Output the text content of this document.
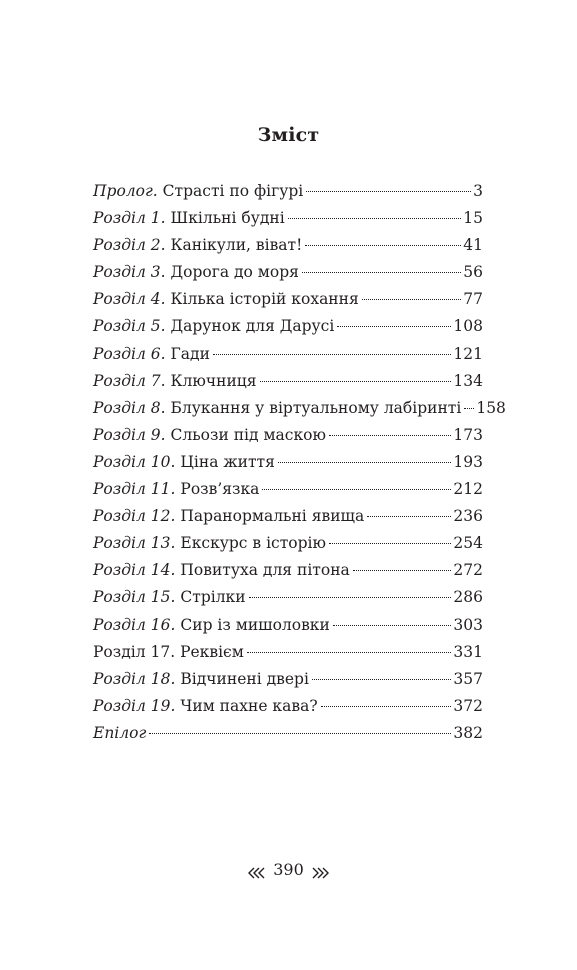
Зміст
Пролог. Страсті по фігурі	3
Розділ 1. Шкільні будні	15
Розділ 2. Канікули, віват!	41
Розділ 3. Дорога до моря	56
Розділ 4. Кілька історій кохання	77
Розділ 5. Дарунок для Дарусі	108
Розділ 6. Гади	121
Розділ 7. Ключниця	134
Розділ 8. Блукання у віртуальному лабіринті 158
Розділ 9. Сльози під маскою	173
Розділ 10. Ціна життя	193
Розділ 11. Розв’язка	212
Розділ 12. Паранормальні явища	236
Розділ 13. Екскурс в історію	254
Розділ 14. Повитуха для пітона	272
Розділ 15. Стрілки	286
Розділ 16. Сир із мишоловки	303
Розділ 17. Реквієм	331
Розділ 18. Відчинені двері	357
Розділ 19. Чим пахне кава?	372
Епілог	382
390
